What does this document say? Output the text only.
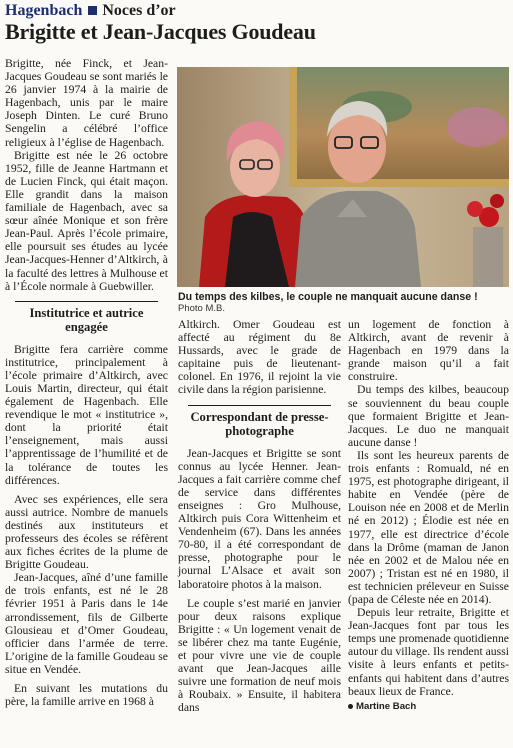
Hagenbach Noces d’or
Brigitte et Jean-Jacques Goudeau

Brigitte, née Finck, et Jean-Jacques Goudeau se sont mariés le 26 janvier 1974 à la mairie de Hagenbach, unis par le maire Joseph Dinten. Le curé Bruno Sengelin a célébré l’office religieux à l’église de Hagenbach.

Brigitte est née le 26 octobre 1952, fille de Jeanne Hartmann et de Lucien Finck, qui était maçon. Elle grandit dans la maison familiale de Hagenbach, avec sa sœur aînée Monique et son frère Jean-Paul. Après l’école primaire, elle poursuit ses études au lycée Jean-Jacques-Henner d’Altkirch, à la faculté des lettres à Mulhouse et à l’École normale à Guebwiller.

Institutrice et autrice engagée

Brigitte fera carrière comme institutrice, principalement à l’école primaire d’Altkirch, avec Louis Martin, directeur, qui était également de Hagenbach. Elle revendique le mot « institutrice », dont la priorité était l’enseignement, mais aussi l’apprentissage de l’humilité et de la tolérance de toutes les différences.

Avec ses expériences, elle sera aussi autrice. Nombre de manuels destinés aux instituteurs et professeurs des écoles se réfèrent aux fiches écrites de la plume de Brigitte Goudeau.

Jean-Jacques, aîné d’une famille de trois enfants, est né le 28 février 1951 à Paris dans le 14e arrondissement, fils de Gilberte Glousieau et d’Omer Goudeau, officier dans l’armée de terre. L’origine de la famille Goudeau se situe en Vendée.

En suivant les mutations du père, la famille arrive en 1968 à

Du temps des kilbes, le couple ne manquait aucune danse !
Photo M.B.

Altkirch. Omer Goudeau est affecté au régiment du 8e Hussards, avec le grade de capitaine puis de lieutenant-colonel. En 1976, il rejoint la vie civile dans la région parisienne.

Correspondant de presse-photographe

Jean-Jacques et Brigitte se sont connus au lycée Henner. Jean-Jacques a fait carrière comme chef de service dans différentes enseignes : Gro Mulhouse, Altkirch puis Cora Wittenheim et Vendenheim (67). Dans les années 70-80, il a été correspondant de presse, photographe pour le journal L’Alsace et avait son laboratoire photos à la maison.

Le couple s’est marié en janvier pour deux raisons explique Brigitte : « Un logement venait de se libérer chez ma tante Eugénie, et pour vivre une vie de couple avant que Jean-Jacques aille suivre une formation de neuf mois à Roubaix. » Ensuite, il habitera dans

un logement de fonction à Altkirch, avant de revenir à Hagenbach en 1979 dans la grande maison qu’il a fait construire.

Du temps des kilbes, beaucoup se souviennent du beau couple que formaient Brigitte et Jean-Jacques. Le duo ne manquait aucune danse !

Ils sont les heureux parents de trois enfants : Romuald, né en 1975, est photographe dirigeant, il habite en Vendée (père de Louison née en 2008 et de Merlin né en 2012) ; Élodie est née en 1977, elle est directrice d’école dans la Drôme (maman de Janon née en 2002 et de Malou née en 2007) ; Tristan est né en 1980, il est technicien préleveur en Suisse (papa de Céleste née en 2014).

Depuis leur retraite, Brigitte et Jean-Jacques font par tous les temps une promenade quotidienne autour du village. Ils rendent aussi visite à leurs enfants et petits-enfants qui habitent dans d’autres beaux lieux de France.

Martine Bach
